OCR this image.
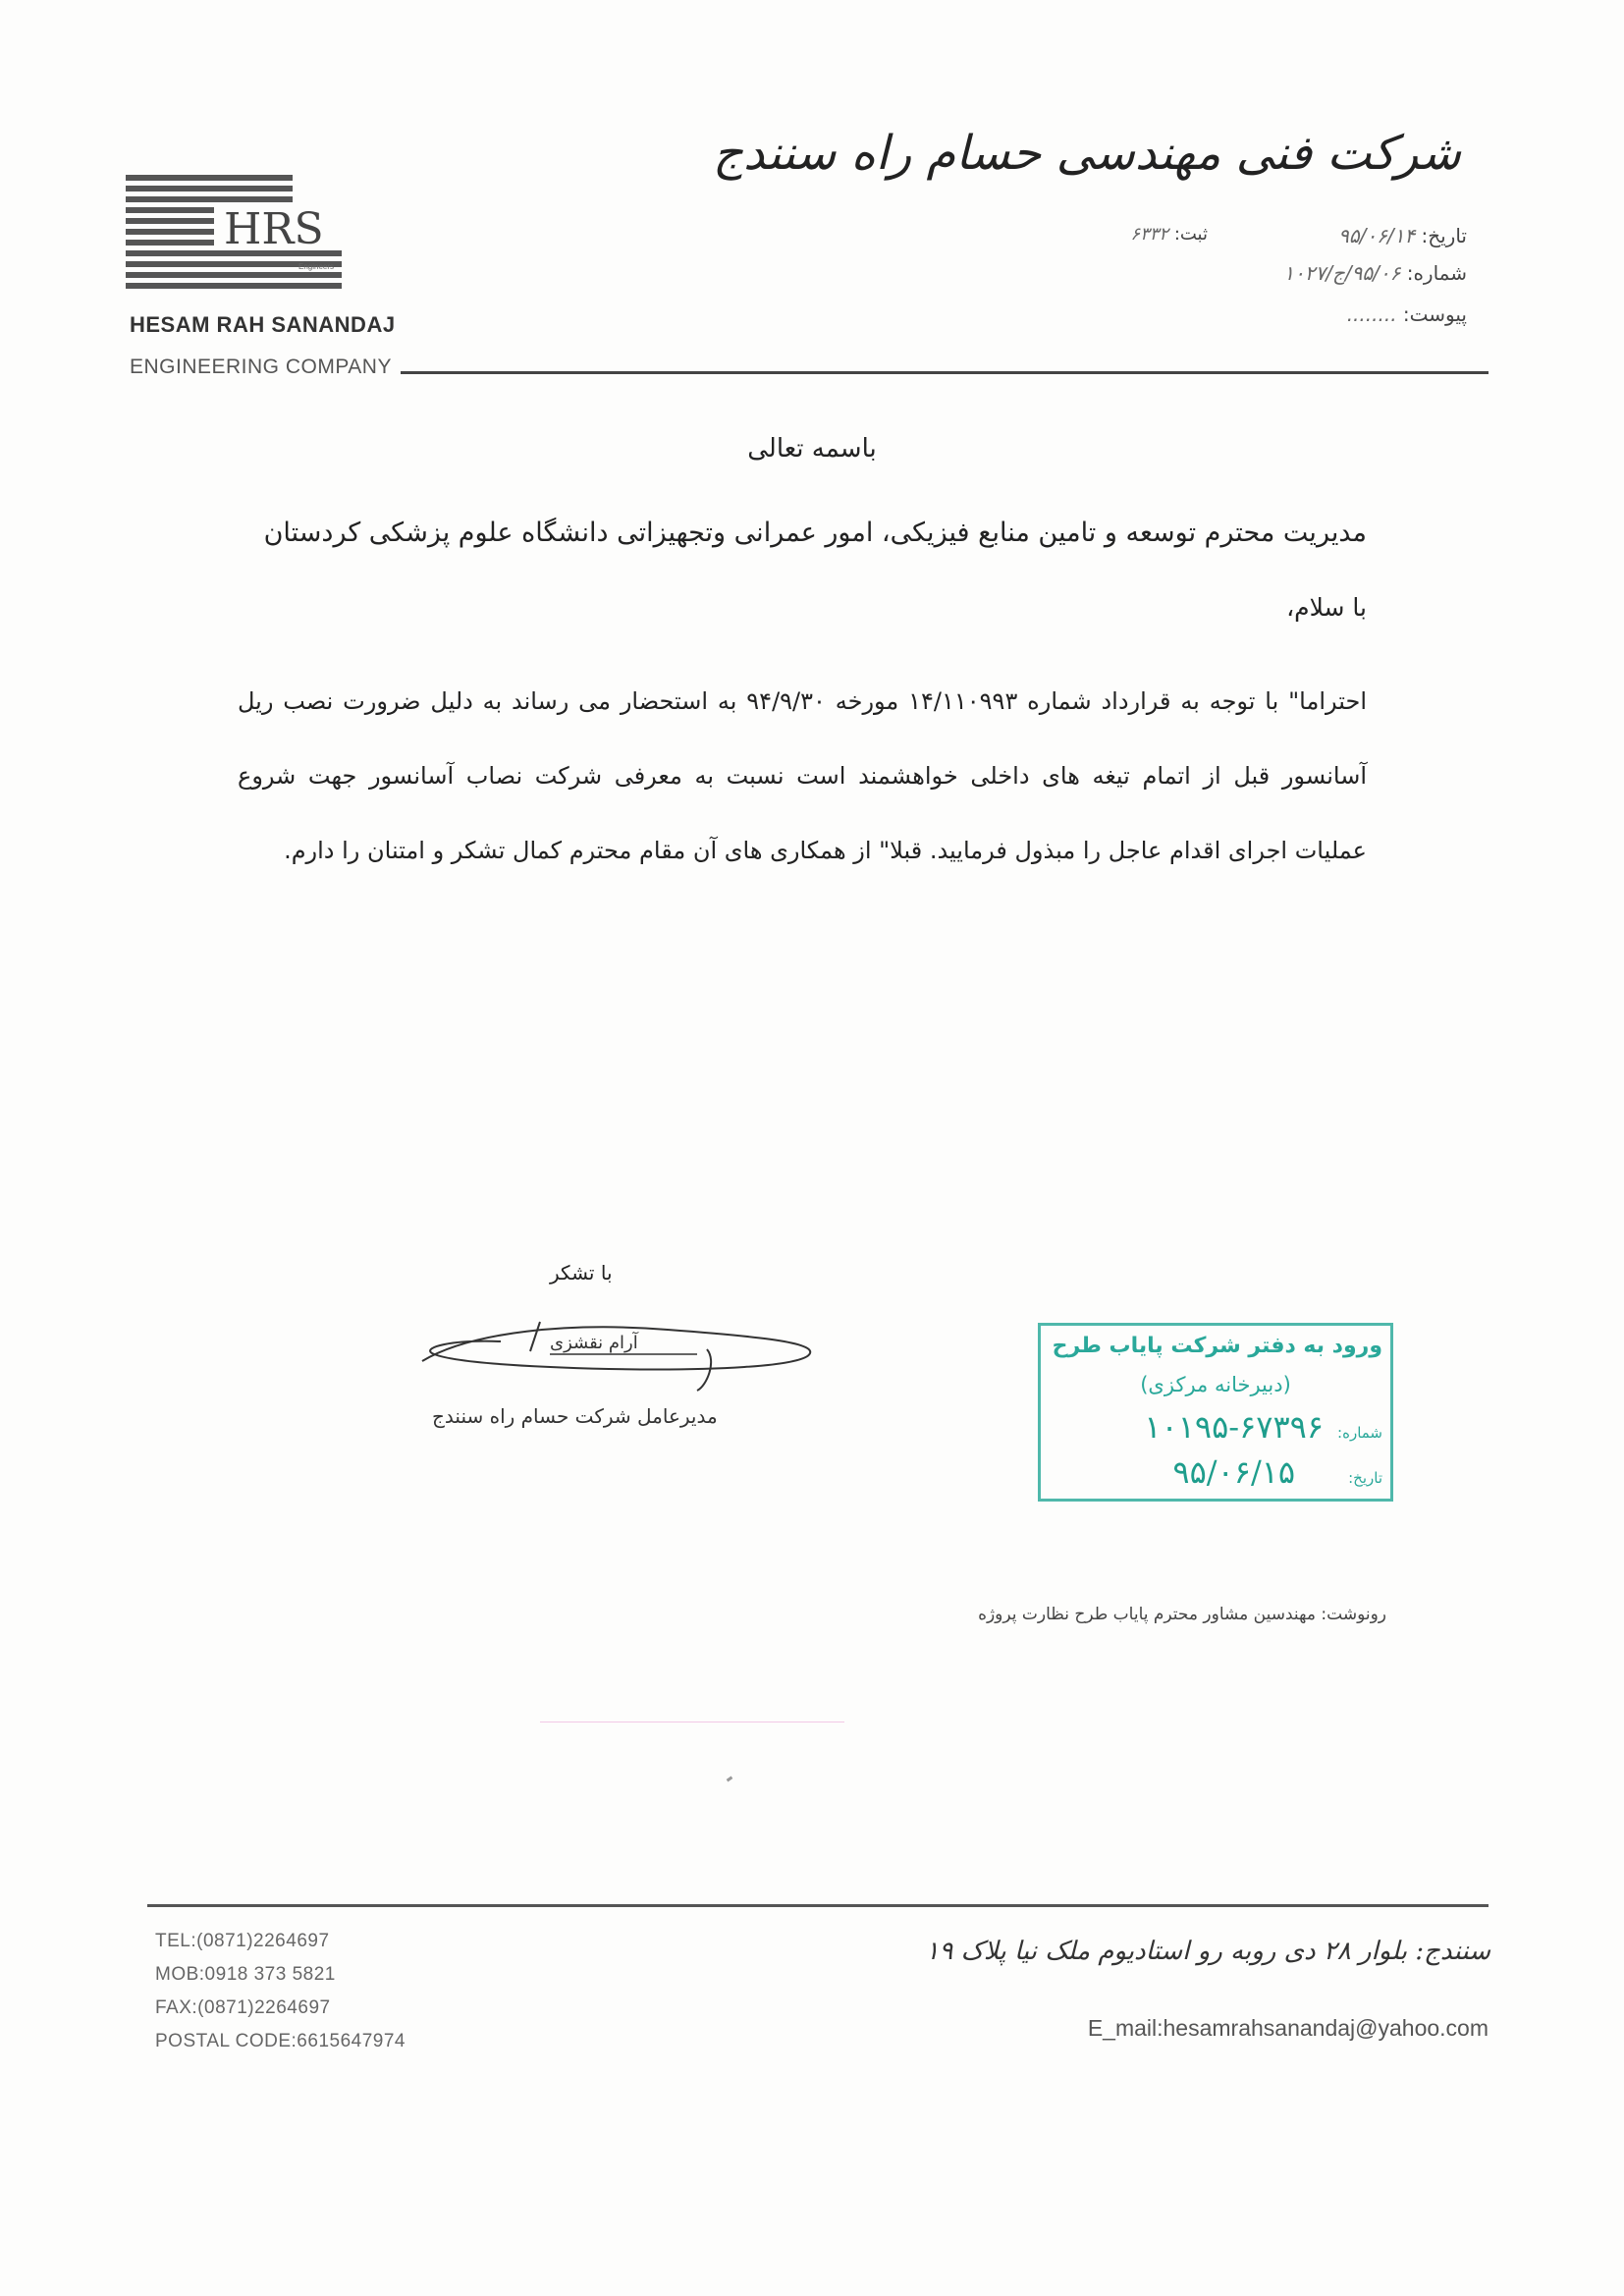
HRS
Engineers
HESAM RAH SANANDAJ
ENGINEERING COMPANY
شرکت فنی مهندسی حسام راه سنندج
تاریخ: ۹۵/۰۶/۱۴
ثبت: ۶۳۳۲
شماره: ۹۵/۰۶/ج/۱۰۲۷
پیوست: ........
باسمه تعالی
مدیریت محترم توسعه و تامین منابع فیزیکی، امور عمرانی وتجهیزاتی دانشگاه علوم پزشکی کردستان
با سلام،
احتراما" با توجه به قرارداد شماره ۱۴/۱۱۰۹۹۳ مورخه ۹۴/۹/۳۰ به استحضار می رساند به دلیل ضرورت نصب ریل آسانسور قبل از اتمام تیغه های داخلی خواهشمند است نسبت به معرفی شرکت نصاب آسانسور جهت شروع عملیات اجرای اقدام عاجل را مبذول فرمایید. قبلا" از همکاری های آن مقام محترم کمال تشکر و امتنان را دارم.
با تشکر
آرام نقشزی
مدیرعامل شرکت حسام راه سنندج
ورود به دفتر شرکت پایاب طرح
(دبیرخانه مرکزی)
شماره:
۱۰۱۹۵-۶۷۳۹۶
تاریخ:
۹۵/۰۶/۱۵
رونوشت: مهندسین مشاور محترم پایاب طرح نظارت پروژه
TEL:(0871)2264697
MOB:0918 373 5821
FAX:(0871)2264697
POSTAL CODE:6615647974
سنندج: بلوار ۲۸ دی روبه رو استادیوم ملک نیا پلاک ۱۹
E_mail:hesamrahsanandaj@yahoo.com
